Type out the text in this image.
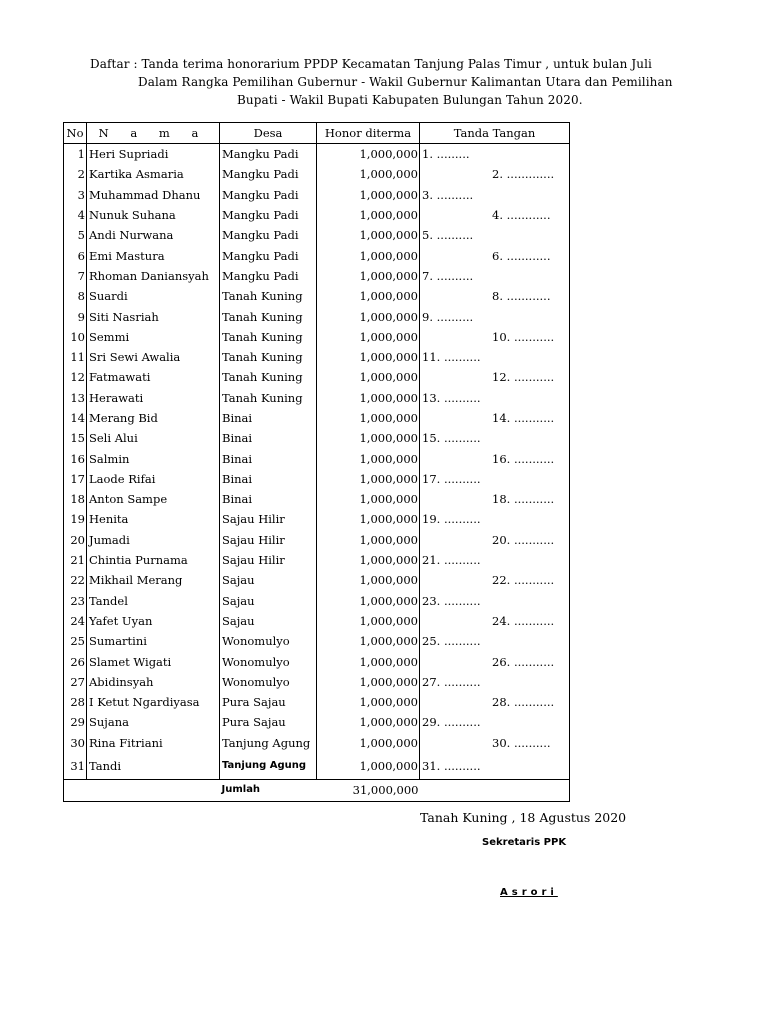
Daftar : Tanda terima honorarium PPDP Kecamatan Tanjung Palas Timur , untuk bulan Juli
Dalam Rangka Pemilihan Gubernur - Wakil Gubernur Kalimantan Utara dan Pemilihan
Bupati - Wakil Bupati Kabupaten Bulungan Tahun 2020.
No	N a m a	Desa	Honor diterma	Tanda Tangan
1	Heri Supriadi	Mangku Padi	1,000,000	1. .........
2	Kartika Asmaria	Mangku Padi	1,000,000	2. .............
3	Muhammad Dhanu	Mangku Padi	1,000,000	3. ..........
4	Nunuk Suhana	Mangku Padi	1,000,000	4. ............
5	Andi Nurwana	Mangku Padi	1,000,000	5. ..........
6	Emi Mastura	Mangku Padi	1,000,000	6. ............
7	Rhoman Daniansyah	Mangku Padi	1,000,000	7. ..........
8	Suardi	Tanah Kuning	1,000,000	8. ............
9	Siti Nasriah	Tanah Kuning	1,000,000	9. ..........
10	Semmi	Tanah Kuning	1,000,000	10. ...........
11	Sri Sewi Awalia	Tanah Kuning	1,000,000	11. ..........
12	Fatmawati	Tanah Kuning	1,000,000	12. ...........
13	Herawati	Tanah Kuning	1,000,000	13. ..........
14	Merang Bid	Binai	1,000,000	14. ...........
15	Seli Alui	Binai	1,000,000	15. ..........
16	Salmin	Binai	1,000,000	16. ...........
17	Laode Rifai	Binai	1,000,000	17. ..........
18	Anton Sampe	Binai	1,000,000	18. ...........
19	Henita	Sajau Hilir	1,000,000	19. ..........
20	Jumadi	Sajau Hilir	1,000,000	20. ...........
21	Chintia Purnama	Sajau Hilir	1,000,000	21. ..........
22	Mikhail Merang	Sajau	1,000,000	22. ...........
23	Tandel	Sajau	1,000,000	23. ..........
24	Yafet Uyan	Sajau	1,000,000	24. ...........
25	Sumartini	Wonomulyo	1,000,000	25. ..........
26	Slamet Wigati	Wonomulyo	1,000,000	26. ...........
27	Abidinsyah	Wonomulyo	1,000,000	27. ..........
28	I Ketut Ngardiyasa	Pura Sajau	1,000,000	28. ...........
29	Sujana	Pura Sajau	1,000,000	29. ..........
30	Rina Fitriani	Tanjung Agung	1,000,000	30. ..........
31	Tandi	Tanjung Agung	1,000,000	31. ..........
		Jumlah	31,000,000	
Tanah Kuning , 18 Agustus 2020
Sekretaris PPK
Asrori
